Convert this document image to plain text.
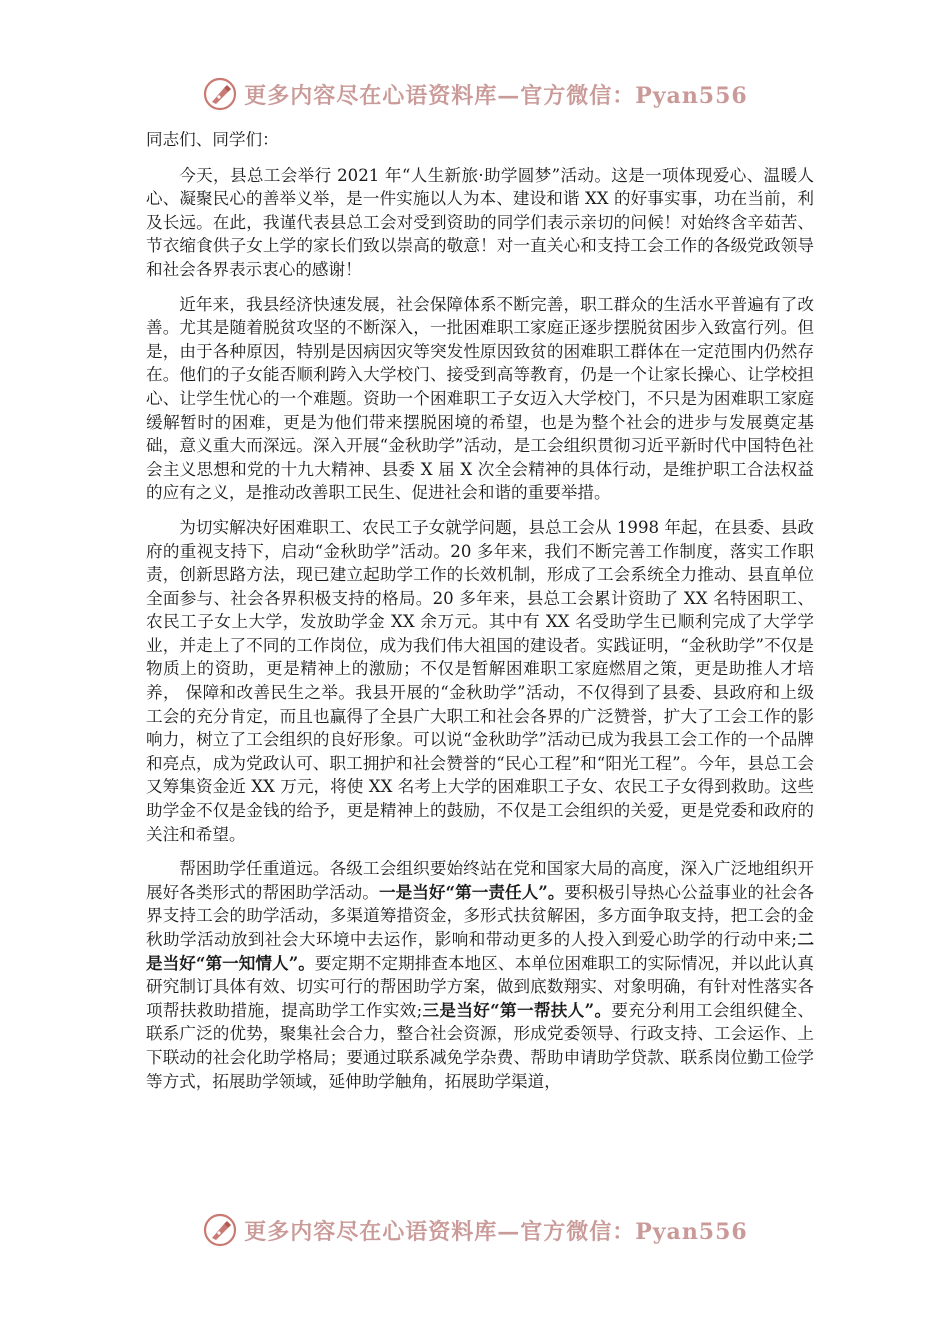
更多内容尽在心语资料库—官方微信：Pyan556

同志们、同学们：

今天，县总工会举行 2021 年“人生新旅·助学圆梦”活动。这是一项体现爱心、温暖人心、凝聚民心的善举义举，是一件实施以人为本、建设和谐 XX 的好事实事，功在当前，利及长远。在此，我谨代表县总工会对受到资助的同学们表示亲切的问候！对始终含辛茹苦、节衣缩食供子女上学的家长们致以崇高的敬意！对一直关心和支持工会工作的各级党政领导和社会各界表示衷心的感谢！

近年来，我县经济快速发展，社会保障体系不断完善，职工群众的生活水平普遍有了改善。尤其是随着脱贫攻坚的不断深入，一批困难职工家庭正逐步摆脱贫困步入致富行列。但是，由于各种原因，特别是因病因灾等突发性原因致贫的困难职工群体在一定范围内仍然存在。他们的子女能否顺利跨入大学校门、接受到高等教育，仍是一个让家长操心、让学校担心、让学生忧心的一个难题。资助一个困难职工子女迈入大学校门，不只是为困难职工家庭缓解暂时的困难，更是为他们带来摆脱困境的希望，也是为整个社会的进步与发展奠定基础，意义重大而深远。深入开展“金秋助学”活动，是工会组织贯彻习近平新时代中国特色社会主义思想和党的十九大精神、县委 X 届 X 次全会精神的具体行动，是维护职工合法权益的应有之义，是推动改善职工民生、促进社会和谐的重要举措。

为切实解决好困难职工、农民工子女就学问题，县总工会从 1998 年起，在县委、县政府的重视支持下，启动“金秋助学”活动。20 多年来，我们不断完善工作制度，落实工作职责，创新思路方法，现已建立起助学工作的长效机制，形成了工会系统全力推动、县直单位全面参与、社会各界积极支持的格局。20 多年来，县总工会累计资助了 XX 名特困职工、农民工子女上大学，发放助学金 XX 余万元。其中有 XX 名受助学生已顺利完成了大学学业，并走上了不同的工作岗位，成为我们伟大祖国的建设者。实践证明，“金秋助学”不仅是物质上的资助，更是精神上的激励；不仅是暂解困难职工家庭燃眉之策，更是助推人才培养， 保障和改善民生之举。我县开展的“金秋助学”活动，不仅得到了县委、县政府和上级工会的充分肯定，而且也赢得了全县广大职工和社会各界的广泛赞誉，扩大了工会工作的影响力，树立了工会组织的良好形象。可以说“金秋助学”活动已成为我县工会工作的一个品牌和亮点，成为党政认可、职工拥护和社会赞誉的“民心工程”和“阳光工程”。今年，县总工会又筹集资金近 XX 万元，将使 XX 名考上大学的困难职工子女、农民工子女得到救助。这些助学金不仅是金钱的给予，更是精神上的鼓励，不仅是工会组织的关爱，更是党委和政府的关注和希望。

帮困助学任重道远。各级工会组织要始终站在党和国家大局的高度，深入广泛地组织开展好各类形式的帮困助学活动。一是当好“第一责任人”。要积极引导热心公益事业的社会各界支持工会的助学活动，多渠道筹措资金，多形式扶贫解困，多方面争取支持，把工会的金秋助学活动放到社会大环境中去运作，影响和带动更多的人投入到爱心助学的行动中来;二是当好“第一知情人”。要定期不定期排查本地区、本单位困难职工的实际情况，并以此认真研究制订具体有效、切实可行的帮困助学方案，做到底数翔实、对象明确，有针对性落实各项帮扶救助措施，提高助学工作实效;三是当好“第一帮扶人”。要充分利用工会组织健全、联系广泛的优势，聚集社会合力，整合社会资源，形成党委领导、行政支持、工会运作、上下联动的社会化助学格局；要通过联系减免学杂费、帮助申请助学贷款、联系岗位勤工俭学等方式，拓展助学领域，延伸助学触角，拓展助学渠道，

更多内容尽在心语资料库—官方微信：Pyan556
